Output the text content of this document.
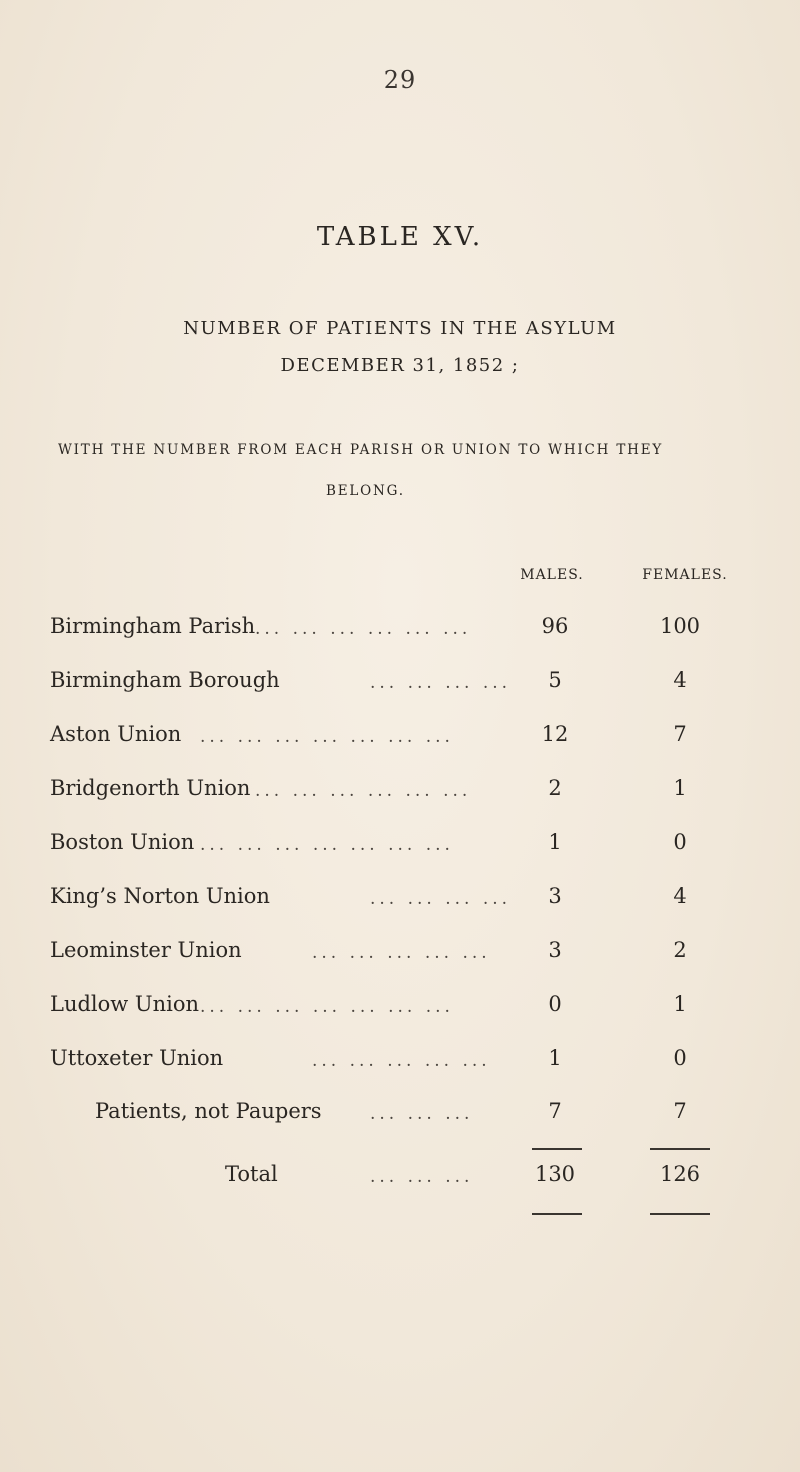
29
TABLE XV.
NUMBER OF PATIENTS IN THE ASYLUM
DECEMBER 31, 1852 ;
WITH THE NUMBER FROM EACH PARISH OR UNION TO WHICH THEY
BELONG.
MALES.	FEMALES.
Birmingham Parish ... ... ... ... ... ...	96	100
Birmingham Borough	... ... ... ...	5	4
Aston Union ... ... ... ... ... ... ...	12	7
Bridgenorth Union ... ... ... ... ... ...	2	1
Boston Union ... ... ... ... ... ... ...	1	0
King’s Norton Union	... ... ... ...	3	4
Leominster Union	... ... ... ... ...	3	2
Ludlow Union ... ... ... ... ... ... ...	0	1
Uttoxeter Union	... ... ... ... ...	1	0
Patients, not Paupers	... ... ...	7	7
Total	... ... ...	130	126
